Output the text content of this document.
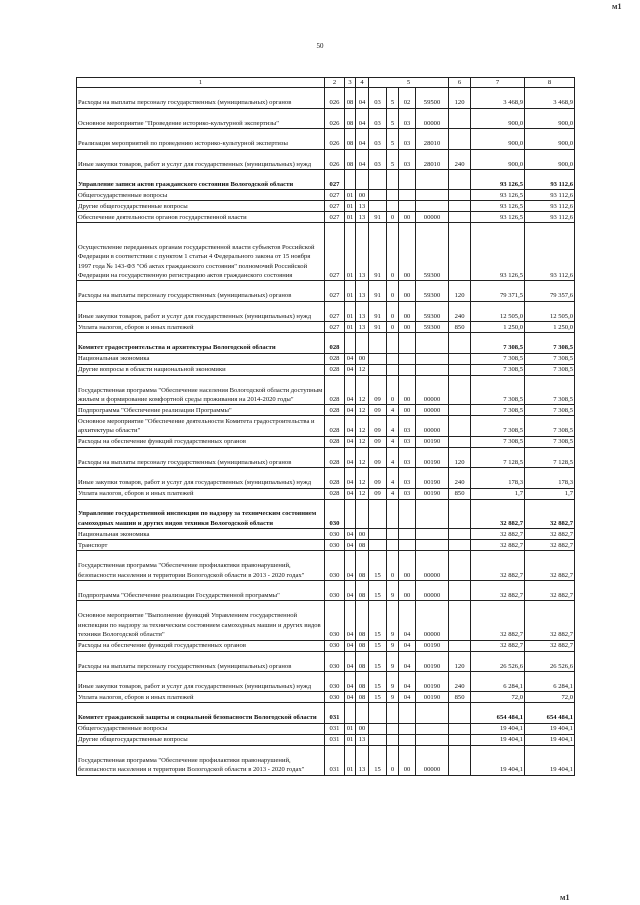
м1
50
1	2	3	4	5				6	7	8
Расходы на выплаты персоналу государственных (муниципальных) органов	026	08	04	03	5	02	59500	120	3 468,9	3 468,9
Основное мероприятие "Проведение историко-культурной экспертизы"	026	08	04	03	5	03	00000		900,0	900,0
Реализация мероприятий по проведению историко-культурной экспертизы	026	08	04	03	5	03	28010		900,0	900,0
Иные закупки товаров, работ и услуг для государственных (муниципальных) нужд	026	08	04	03	5	03	28010	240	900,0	900,0
Управление записи актов гражданского состояния Вологодской области	027								93 126,5	93 112,6
Общегосударственные вопросы	027	01	00						93 126,5	93 112,6
Другие общегосударственные вопросы	027	01	13						93 126,5	93 112,6
Обеспечение деятельности органов государственной власти	027	01	13	91	0	00	00000		93 126,5	93 112,6
Осуществление переданных органам государственной власти субъектов Российской Федерации в соответствии с пунктом 1 статьи 4 Федерального закона от 15 ноября 1997 года № 143-ФЗ "Об актах гражданского состояния" полномочий Российской Федерации на государственную регистрацию актов гражданского состояния	027	01	13	91	0	00	59300		93 126,5	93 112,6
Расходы на выплаты персоналу государственных (муниципальных) органов	027	01	13	91	0	00	59300	120	79 371,5	79 357,6
Иные закупки товаров, работ и услуг для государственных (муниципальных) нужд	027	01	13	91	0	00	59300	240	12 505,0	12 505,0
Уплата налогов, сборов и иных платежей	027	01	13	91	0	00	59300	850	1 250,0	1 250,0
Комитет градостроительства и архитектуры Вологодской области	028								7 308,5	7 308,5
Национальная экономика	028	04	00						7 308,5	7 308,5
Другие вопросы в области национальной экономики	028	04	12						7 308,5	7 308,5
Государственная программа "Обеспечение населения Вологодской области доступным жильем и формирование комфортной среды проживания на 2014-2020 годы"	028	04	12	09	0	00	00000		7 308,5	7 308,5
Подпрограмма "Обеспечение реализации Программы"	028	04	12	09	4	00	00000		7 308,5	7 308,5
Основное мероприятие "Обеспечение деятельности Комитета градостроительства и архитектуры области"	028	04	12	09	4	03	00000		7 308,5	7 308,5
Расходы на обеспечение функций государственных органов	028	04	12	09	4	03	00190		7 308,5	7 308,5
Расходы на выплаты персоналу государственных (муниципальных) органов	028	04	12	09	4	03	00190	120	7 128,5	7 128,5
Иные закупки товаров, работ и услуг для государственных (муниципальных) нужд	028	04	12	09	4	03	00190	240	178,3	178,3
Уплата налогов, сборов и иных платежей	028	04	12	09	4	03	00190	850	1,7	1,7
Управление государственной инспекции по надзору за техническим состоянием самоходных машин и других видов техники Вологодской области	030								32 882,7	32 882,7
Национальная экономика	030	04	00						32 882,7	32 882,7
Транспорт	030	04	08						32 882,7	32 882,7
Государственная программа "Обеспечение профилактики правонарушений, безопасности населения и территории Вологодской области в 2013 - 2020 годах"	030	04	08	15	0	00	00000		32 882,7	32 882,7
Подпрограмма "Обеспечение реализации Государственной программы"	030	04	08	15	9	00	00000		32 882,7	32 882,7
Основное мероприятие "Выполнение функций Управлением государственной инспекции по надзору за техническим состоянием самоходных машин и других видов техники Вологодской области"	030	04	08	15	9	04	00000		32 882,7	32 882,7
Расходы на обеспечение функций государственных органов	030	04	08	15	9	04	00190		32 882,7	32 882,7
Расходы на выплаты персоналу государственных (муниципальных) органов	030	04	08	15	9	04	00190	120	26 526,6	26 526,6
Иные закупки товаров, работ и услуг для государственных (муниципальных) нужд	030	04	08	15	9	04	00190	240	6 284,1	6 284,1
Уплата налогов, сборов и иных платежей	030	04	08	15	9	04	00190	850	72,0	72,0
Комитет гражданской защиты и социальной безопасности Вологодской области	031								654 484,1	654 484,1
Общегосударственные вопросы	031	01	00						19 404,1	19 404,1
Другие общегосударственные вопросы	031	01	13						19 404,1	19 404,1
Государственная программа "Обеспечение профилактики правонарушений, безопасности населения и территории Вологодской области в 2013 - 2020 годах"	031	01	13	15	0	00	00000		19 404,1	19 404,1
м1
